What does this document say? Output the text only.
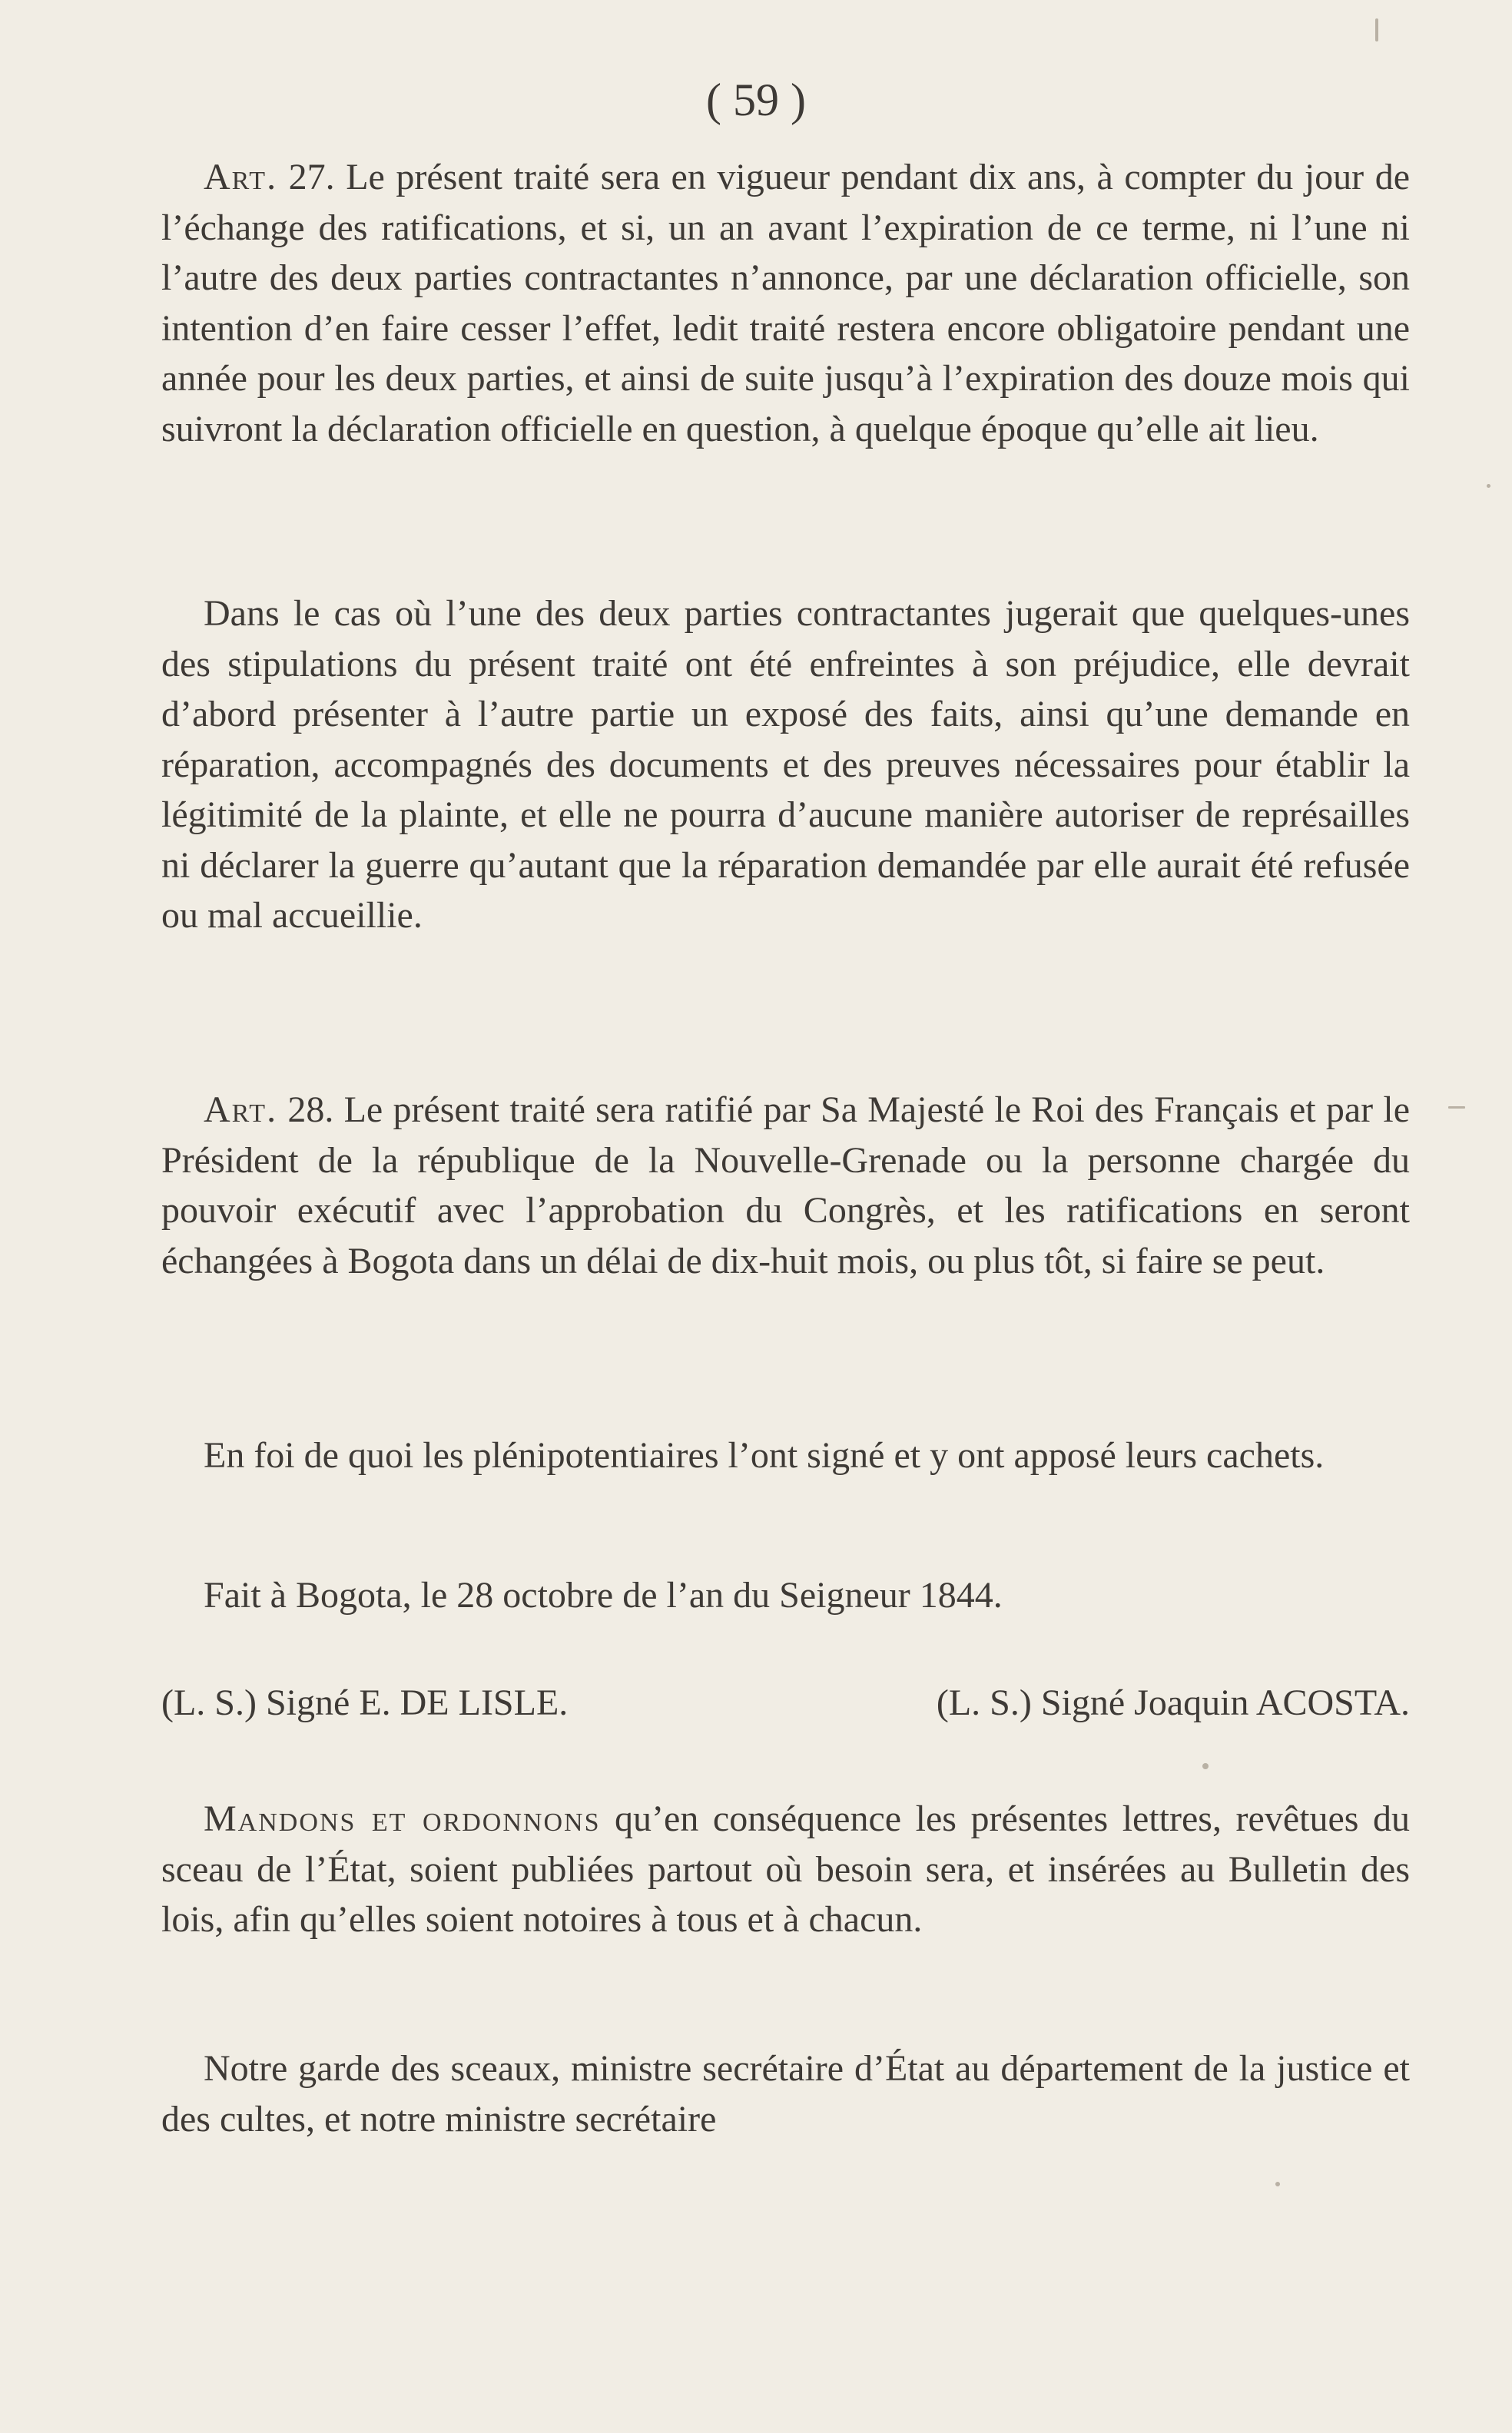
( 59 )

Art. 27. Le présent traité sera en vigueur pendant dix ans, à compter du jour de l’échange des ratifications, et si, un an avant l’expiration de ce terme, ni l’une ni l’autre des deux parties contractantes n’annonce, par une déclaration officielle, son intention d’en faire cesser l’effet, ledit traité restera encore obligatoire pendant une année pour les deux parties, et ainsi de suite jusqu’à l’expiration des douze mois qui suivront la déclaration officielle en question, à quelque époque qu’elle ait lieu.

Dans le cas où l’une des deux parties contractantes jugerait que quelques-unes des stipulations du présent traité ont été enfreintes à son préjudice, elle devrait d’abord présenter à l’autre partie un exposé des faits, ainsi qu’une demande en réparation, accompagnés des documents et des preuves nécessaires pour établir la légitimité de la plainte, et elle ne pourra d’aucune manière autoriser de représailles ni déclarer la guerre qu’autant que la réparation demandée par elle aurait été refusée ou mal accueillie.

Art. 28. Le présent traité sera ratifié par Sa Majesté le Roi des Français et par le Président de la république de la Nouvelle-Grenade ou la personne chargée du pouvoir exécutif avec l’approbation du Congrès, et les ratifications en seront échangées à Bogota dans un délai de dix-huit mois, ou plus tôt, si faire se peut.

En foi de quoi les plénipotentiaires l’ont signé et y ont apposé leurs cachets.

Fait à Bogota, le 28 octobre de l’an du Seigneur 1844.

(L. S.) Signé E. DE LISLE.	(L. S.) Signé Joaquin ACOSTA.

Mandons et ordonnons qu’en conséquence les présentes lettres, revêtues du sceau de l’État, soient publiées partout où besoin sera, et insérées au Bulletin des lois, afin qu’elles soient notoires à tous et à chacun.

Notre garde des sceaux, ministre secrétaire d’État au département de la justice et des cultes, et notre ministre secrétaire
